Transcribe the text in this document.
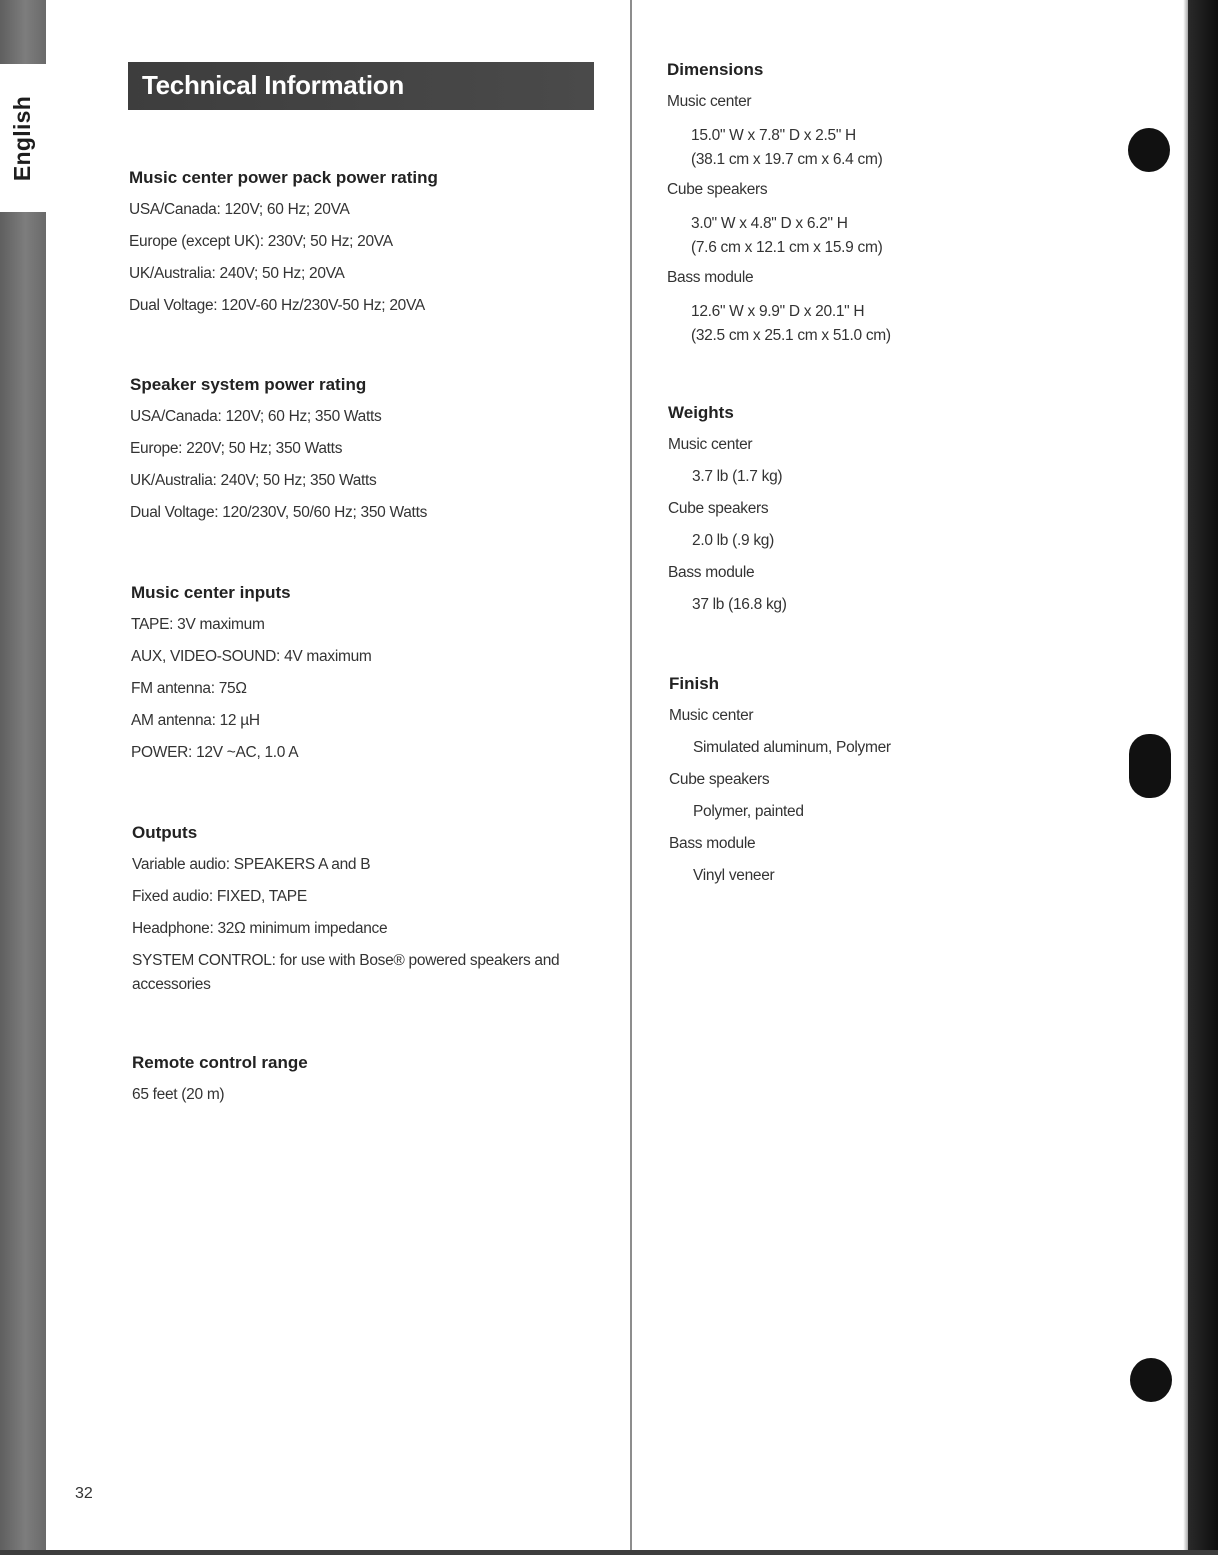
English
Technical Information
Music center power pack power rating
USA/Canada: 120V; 60 Hz; 20VA
Europe (except UK): 230V; 50 Hz; 20VA
UK/Australia: 240V; 50 Hz; 20VA
Dual Voltage: 120V-60 Hz/230V-50 Hz; 20VA
Speaker system power rating
USA/Canada: 120V; 60 Hz; 350 Watts
Europe: 220V; 50 Hz; 350 Watts
UK/Australia: 240V; 50 Hz; 350 Watts
Dual Voltage: 120/230V, 50/60 Hz; 350 Watts
Music center inputs
TAPE: 3V maximum
AUX, VIDEO-SOUND: 4V maximum
FM antenna: 75Ω
AM antenna: 12 µH
POWER: 12V ~AC, 1.0 A
Outputs
Variable audio: SPEAKERS A and B
Fixed audio: FIXED, TAPE
Headphone: 32Ω minimum impedance
SYSTEM CONTROL: for use with Bose® powered speakers and accessories
Remote control range
65 feet (20 m)
32
Dimensions
Music center
15.0" W x 7.8" D x 2.5" H
(38.1 cm x 19.7 cm x 6.4 cm)
Cube speakers
3.0" W x 4.8" D x 6.2" H
(7.6 cm x 12.1 cm x 15.9 cm)
Bass module
12.6" W x 9.9" D x 20.1" H
(32.5 cm x 25.1 cm x 51.0 cm)
Weights
Music center
3.7 lb (1.7 kg)
Cube speakers
2.0 lb (.9 kg)
Bass module
37 lb (16.8 kg)
Finish
Music center
Simulated aluminum, Polymer
Cube speakers
Polymer, painted
Bass module
Vinyl veneer
